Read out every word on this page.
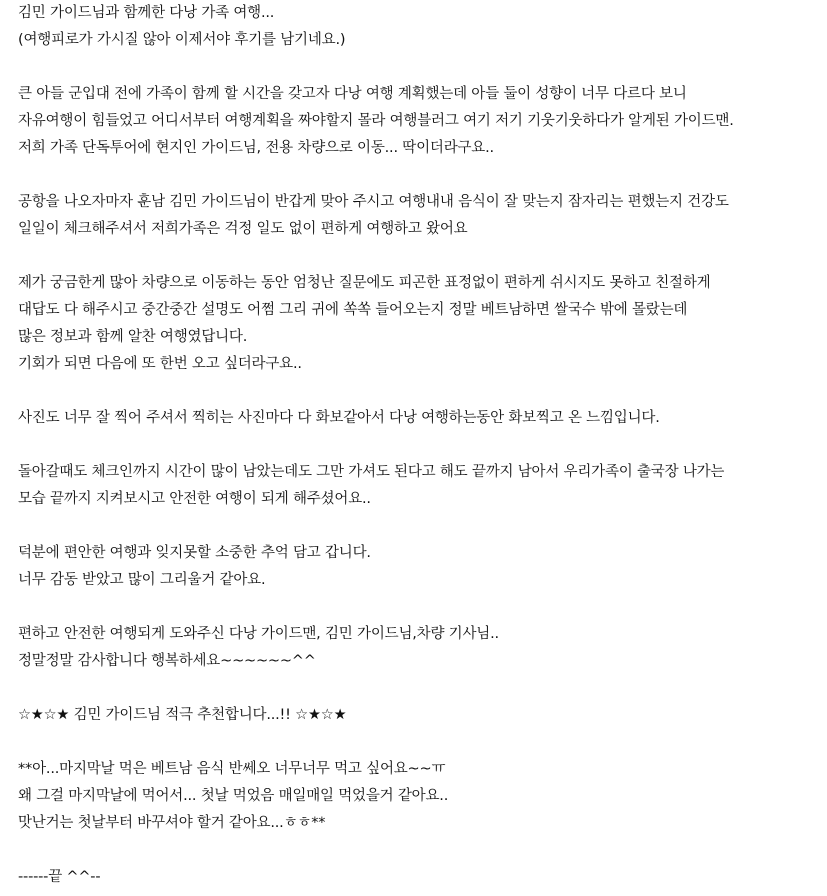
김민 가이드님과 함께한 다낭 가족 여행...
(여행피로가 가시질 않아 이제서야 후기를 남기네요.)
큰 아들 군입대 전에 가족이 함께 할 시간을 갖고자 다낭 여행 계획했는데 아들 둘이 성향이 너무 다르다 보니
자유여행이 힘들었고 어디서부터 여행계획을 짜야할지 몰라 여행블러그 여기 저기 기웃기웃하다가 알게된 가이드맨.
저희 가족 단독투어에 현지인 가이드님, 전용 차량으로 이동... 딱이더라구요..
공항을 나오자마자 훈남 김민 가이드님이 반갑게 맞아 주시고 여행내내 음식이 잘 맞는지 잠자리는 편했는지 건강도
일일이 체크해주셔서 저희가족은 걱정 일도 없이 편하게 여행하고 왔어요
제가 궁금한게 많아 차량으로 이동하는 동안 엄청난 질문에도 피곤한 표정없이 편하게 쉬시지도 못하고 친절하게
대답도 다 해주시고 중간중간 설명도 어쩜 그리 귀에 쏙쏙 들어오는지 정말 베트남하면 쌀국수 밖에 몰랐는데
많은 정보과 함께 알찬 여행였답니다.
기회가 되면 다음에 또 한번 오고 싶더라구요..
사진도 너무 잘 찍어 주셔서 찍히는 사진마다 다 화보같아서 다낭 여행하는동안 화보찍고 온 느낌입니다.
돌아갈때도 체크인까지 시간이 많이 남았는데도 그만 가셔도 된다고 해도 끝까지 남아서 우리가족이 출국장 나가는
모습 끝까지 지켜보시고 안전한 여행이 되게 해주셨어요..
덕분에 편안한 여행과 잊지못할 소중한 추억 담고 갑니다.
너무 감동 받았고 많이 그리울거 같아요.
편하고 안전한 여행되게 도와주신 다낭 가이드맨, 김민 가이드님,차량 기사님..
정말정말 감사합니다 행복하세요~~~~~~^^
☆★☆★ 김민 가이드님 적극 추천합니다...!! ☆★☆★
**아...마지막날 먹은 베트남 음식 반쎄오 너무너무 먹고 싶어요~~ㅠ
왜 그걸 마지막날에 먹어서... 첫날 먹었음 매일매일 먹었을거 같아요..
맛난거는 첫날부터 바꾸셔야 할거 같아요...ㅎㅎ**
------끝 ^^--
